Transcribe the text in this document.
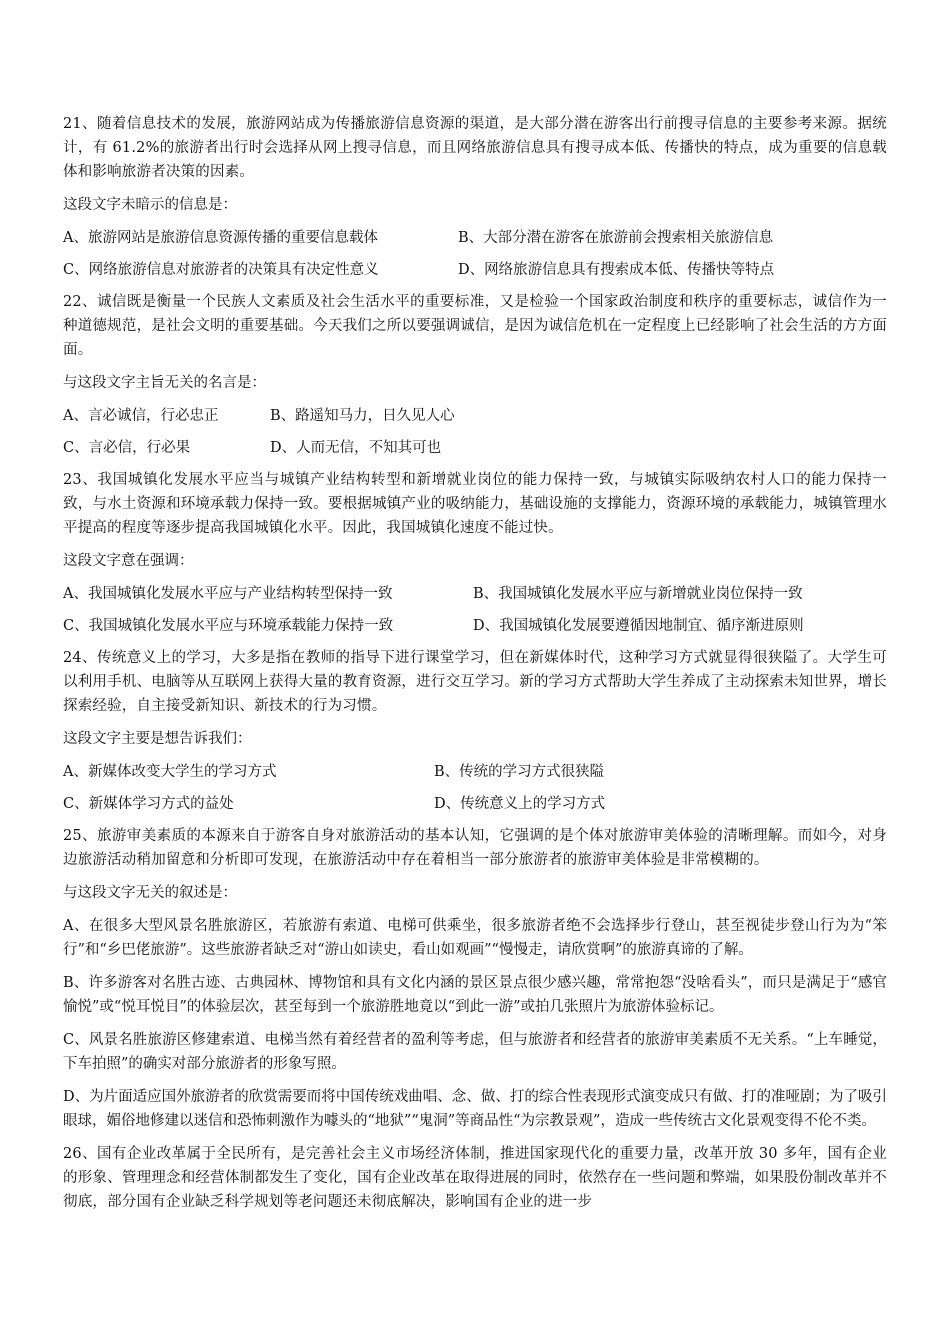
21、随着信息技术的发展，旅游网站成为传播旅游信息资源的渠道，是大部分潜在游客出行前搜寻信息的主要参考来源。据统计，有 61.2%的旅游者出行时会选择从网上搜寻信息，而且网络旅游信息具有搜寻成本低、传播快的特点，成为重要的信息载体和影响旅游者决策的因素。

这段文字未暗示的信息是：

A、旅游网站是旅游信息资源传播的重要信息载体	B、大部分潜在游客在旅游前会搜索相关旅游信息
C、网络旅游信息对旅游者的决策具有决定性意义	D、网络旅游信息具有搜索成本低、传播快等特点

22、诚信既是衡量一个民族人文素质及社会生活水平的重要标准，又是检验一个国家政治制度和秩序的重要标志，诚信作为一种道德规范，是社会文明的重要基础。今天我们之所以要强调诚信，是因为诚信危机在一定程度上已经影响了社会生活的方方面面。

与这段文字主旨无关的名言是：

A、言必诚信，行必忠正	B、路遥知马力，日久见人心
C、言必信，行必果	D、人而无信，不知其可也

23、我国城镇化发展水平应当与城镇产业结构转型和新增就业岗位的能力保持一致，与城镇实际吸纳农村人口的能力保持一致，与水土资源和环境承载力保持一致。要根据城镇产业的吸纳能力，基础设施的支撑能力，资源环境的承载能力，城镇管理水平提高的程度等逐步提高我国城镇化水平。因此，我国城镇化速度不能过快。

这段文字意在强调：

A、我国城镇化发展水平应与产业结构转型保持一致	B、我国城镇化发展水平应与新增就业岗位保持一致
C、我国城镇化发展水平应与环境承载能力保持一致	D、我国城镇化发展要遵循因地制宜、循序渐进原则

24、传统意义上的学习，大多是指在教师的指导下进行课堂学习，但在新媒体时代，这种学习方式就显得很狭隘了。大学生可以利用手机、电脑等从互联网上获得大量的教育资源，进行交互学习。新的学习方式帮助大学生养成了主动探索未知世界，增长探索经验，自主接受新知识、新技术的行为习惯。

这段文字主要是想告诉我们：

A、新媒体改变大学生的学习方式	B、传统的学习方式很狭隘
C、新媒体学习方式的益处	D、传统意义上的学习方式

25、旅游审美素质的本源来自于游客自身对旅游活动的基本认知，它强调的是个体对旅游审美体验的清晰理解。而如今，对身边旅游活动稍加留意和分析即可发现，在旅游活动中存在着相当一部分旅游者的旅游审美体验是非常模糊的。

与这段文字无关的叙述是：

A、在很多大型风景名胜旅游区，若旅游有索道、电梯可供乘坐，很多旅游者绝不会选择步行登山，甚至视徒步登山行为为“笨行”和“乡巴佬旅游”。这些旅游者缺乏对“游山如读史，看山如观画”“慢慢走，请欣赏啊”的旅游真谛的了解。

B、许多游客对名胜古迹、古典园林、博物馆和具有文化内涵的景区景点很少感兴趣，常常抱怨“没啥看头”，而只是满足于“感官愉悦”或“悦耳悦目”的体验层次，甚至每到一个旅游胜地竟以“到此一游”或拍几张照片为旅游体验标记。

C、风景名胜旅游区修建索道、电梯当然有着经营者的盈利等考虑，但与旅游者和经营者的旅游审美素质不无关系。“上车睡觉，下车拍照”的确实对部分旅游者的形象写照。

D、为片面适应国外旅游者的欣赏需要而将中国传统戏曲唱、念、做、打的综合性表现形式演变成只有做、打的准哑剧；为了吸引眼球，媚俗地修建以迷信和恐怖刺激作为噱头的“地狱”“鬼洞”等商品性“为宗教景观”，造成一些传统古文化景观变得不伦不类。

26、国有企业改革属于全民所有，是完善社会主义市场经济体制，推进国家现代化的重要力量，改革开放 30 多年，国有企业的形象、管理理念和经营体制都发生了变化，国有企业改革在取得进展的同时，依然存在一些问题和弊端，如果股份制改革并不彻底，部分国有企业缺乏科学规划等老问题还未彻底解决，影响国有企业的进一步
